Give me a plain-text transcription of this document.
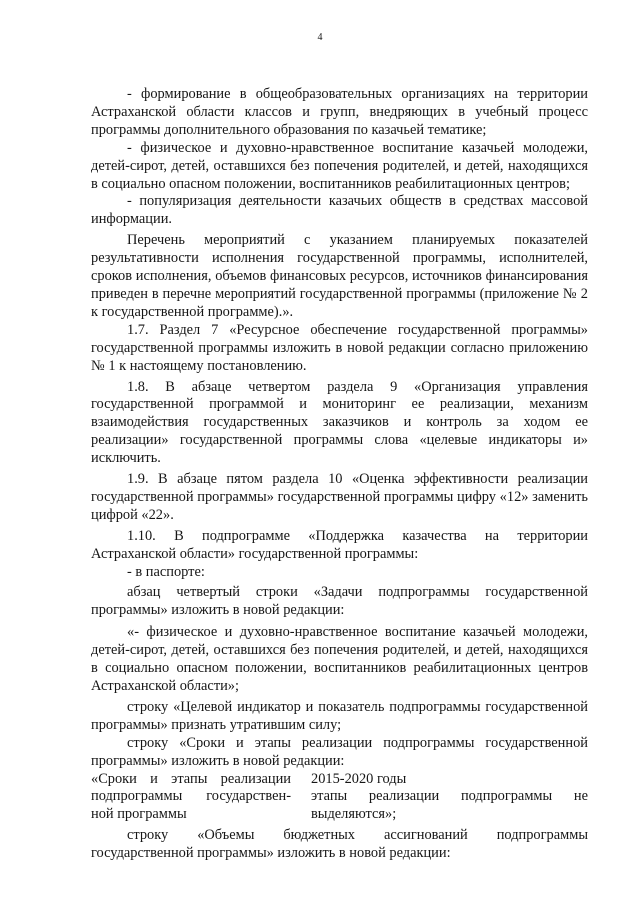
4

- формирование в общеобразовательных организациях на территории Астраханской области классов и групп, внедряющих в учебный процесс программы дополнительного образования по казачьей тематике;

- физическое и духовно-нравственное воспитание казачьей молодежи, детей-сирот, детей, оставшихся без попечения родителей, и детей, находящихся в социально опасном положении, воспитанников реабилитационных центров;

- популяризация деятельности казачьих обществ в средствах массовой информации.

Перечень мероприятий с указанием планируемых показателей результативности исполнения государственной программы, исполнителей, сроков исполнения, объемов финансовых ресурсов, источников финансирования приведен в перечне мероприятий государственной программы (приложение № 2 к государственной программе).».

1.7. Раздел 7 «Ресурсное обеспечение государственной программы» государственной программы изложить в новой редакции согласно приложению № 1 к настоящему постановлению.

1.8. В абзаце четвертом раздела 9 «Организация управления государственной программой и мониторинг ее реализации, механизм взаимодействия государственных заказчиков и контроль за ходом ее реализации» государственной программы слова «целевые индикаторы и» исключить.

1.9. В абзаце пятом раздела 10 «Оценка эффективности реализации государственной программы» государственной программы цифру «12» заменить цифрой «22».

1.10. В подпрограмме «Поддержка казачества на территории Астраханской области» государственной программы:

- в паспорте:

абзац четвертый строки «Задачи подпрограммы государственной программы» изложить в новой редакции:

«- физическое и духовно-нравственное воспитание казачьей молодежи, детей-сирот, детей, оставшихся без попечения родителей, и детей, находящихся в социально опасном положении, воспитанников реабилитационных центров Астраханской области»;

строку «Целевой индикатор и показатель подпрограммы государственной программы» признать утратившим силу;

строку «Сроки и этапы реализации подпрограммы государственной программы» изложить в новой редакции:

«Сроки и этапы реализации
подпрограммы государствен-
ной программы
2015-2020 годы
этапы реализации подпрограммы не выделяются»;

строку «Объемы бюджетных ассигнований подпрограммы государственной программы» изложить в новой редакции:
